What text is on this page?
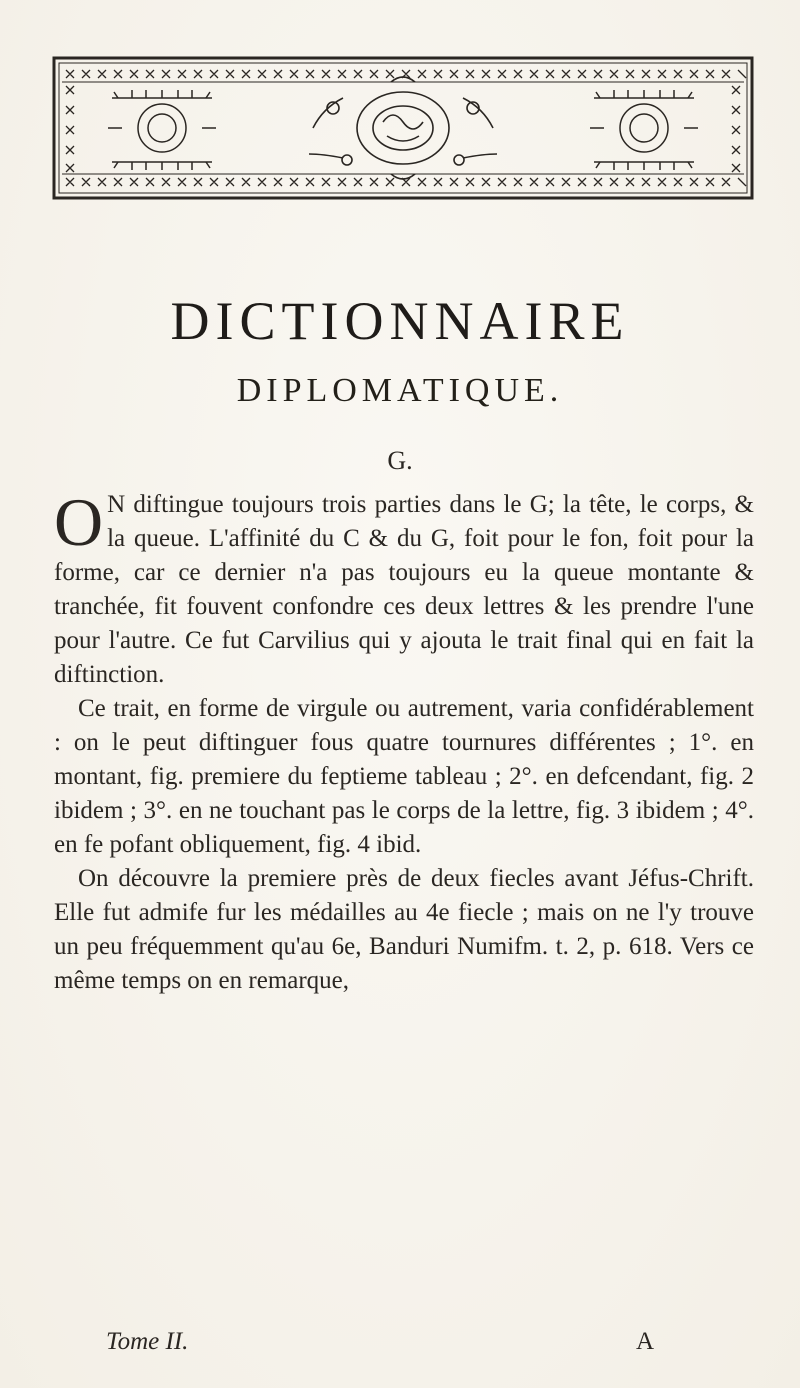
DICTIONNAIRE
DIPLOMATIQUE.
G.

O N diftingue toujours trois parties dans le G; la tête, le corps, & la queue. L'affinité du C & du G, foit pour le fon, foit pour la forme, car ce dernier n'a pas toujours eu la queue montante & tranchée, fit fouvent confondre ces deux lettres & les prendre l'une pour l'autre. Ce fut Carvilius qui y ajouta le trait final qui en fait la diftinction.

Ce trait, en forme de virgule ou autrement, varia confidérablement : on le peut diftinguer fous quatre tournures différentes ; 1°. en montant, fig. premiere du feptieme tableau ; 2°. en defcendant, fig. 2 ibidem ; 3°. en ne touchant pas le corps de la lettre, fig. 3 ibidem ; 4°. en fe pofant obliquement, fig. 4 ibid.

On découvre la premiere près de deux fiecles avant Jéfus-Chrift. Elle fut admife fur les médailles au 4e fiecle ; mais on ne l'y trouve un peu fréquemment qu'au 6e, Banduri Numifm. t. 2, p. 618. Vers ce même temps on en remarque,

Tome II.	A
